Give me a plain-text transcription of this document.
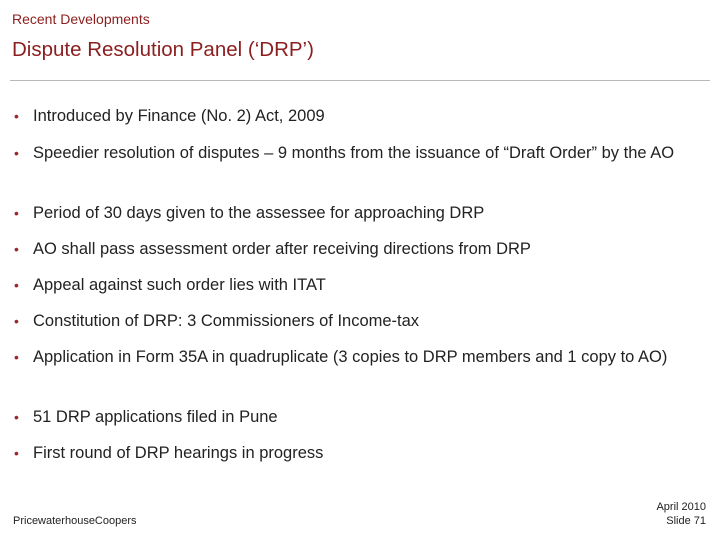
Recent Developments
Dispute Resolution Panel (‘DRP’)
• Introduced by Finance (No. 2) Act, 2009
• Speedier resolution of disputes – 9 months from the issuance of “Draft Order” by the AO
• Period of 30 days given to the assessee for approaching DRP
• AO shall pass assessment order after receiving directions from DRP
• Appeal against such order lies with ITAT
• Constitution of DRP: 3 Commissioners of Income-tax
• Application in Form 35A in quadruplicate (3 copies to DRP members and 1 copy to AO)
• 51 DRP applications filed in Pune
• First round of DRP hearings in progress
PricewaterhouseCoopers
April 2010
Slide 71
